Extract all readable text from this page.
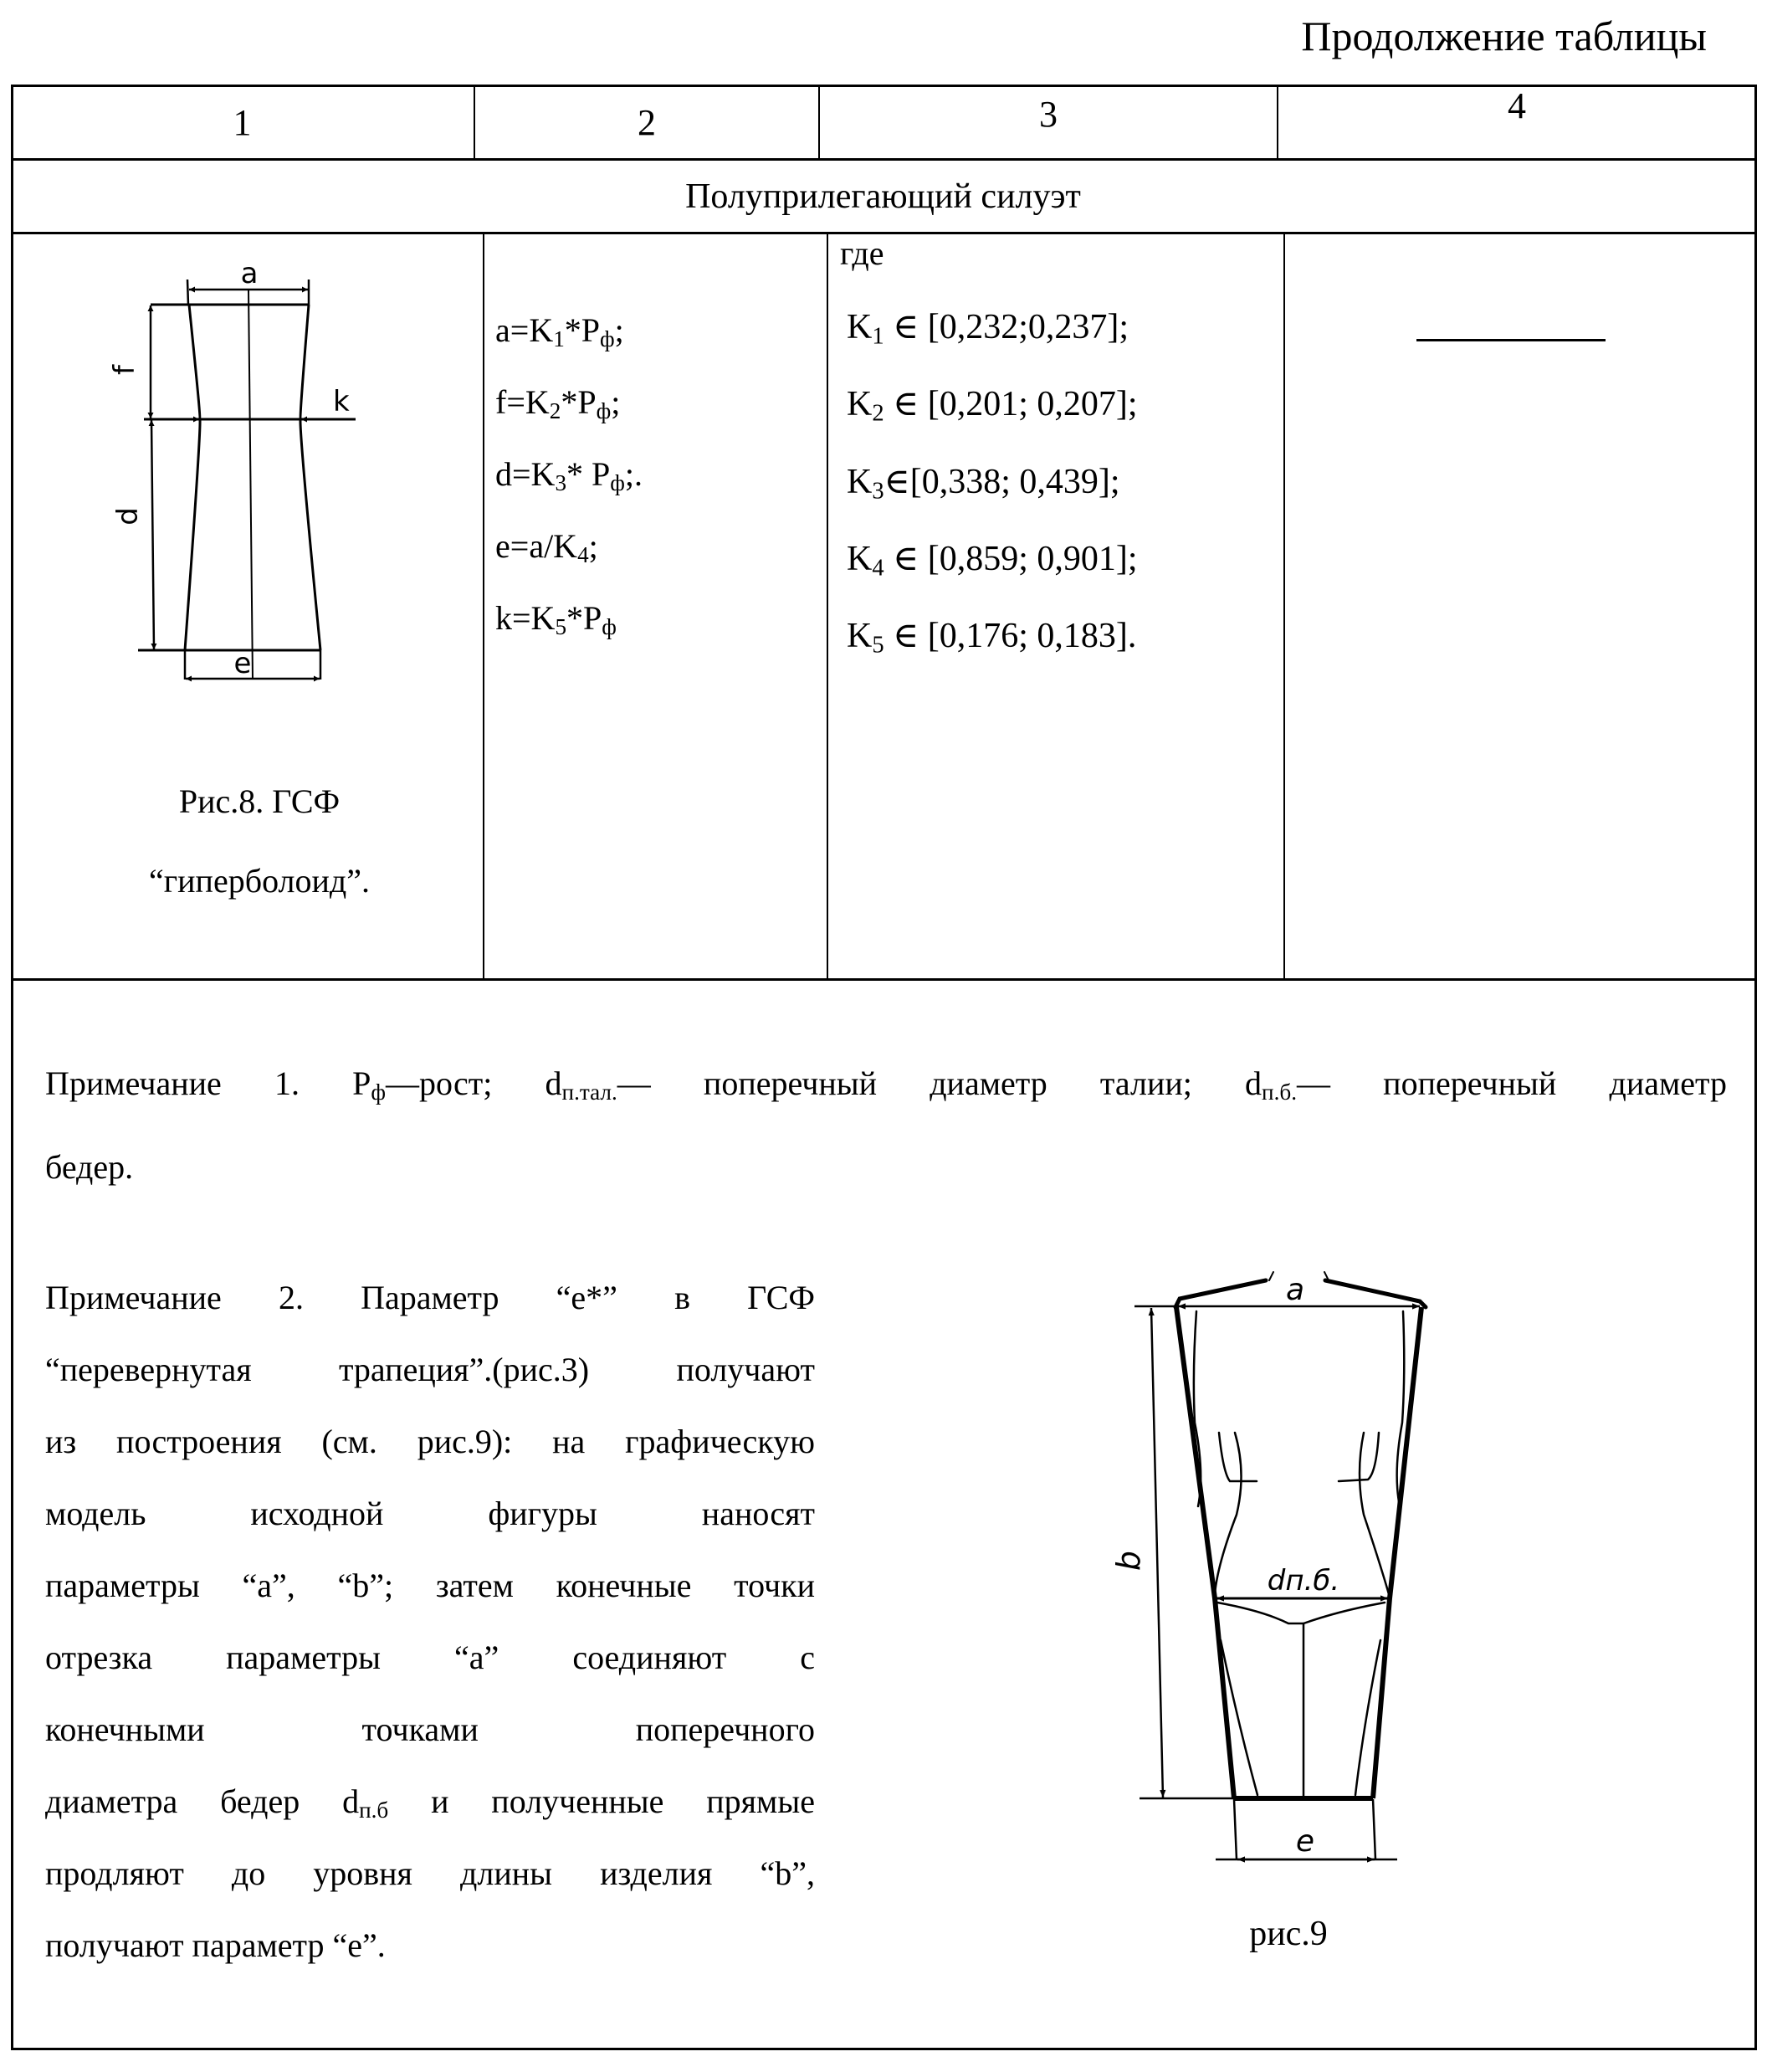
Продолжение таблицы
1	2	3	4
Полуприлегающий силуэт
a
f
d
k
e
Рис.8. ГСФ
“гиперболоид”.
a=K1*Pф;
f=K2*Pф;
d=K3* Pф;.
e=a/K4;
k=K5*Pф
где
K1 ∈ [0,232;0,237];
K2 ∈ [0,201; 0,207];
K3∈[0,338; 0,439];
K4 ∈ [0,859; 0,901];
K5 ∈ [0,176; 0,183].
Примечание 1. Pф—рост; dп.тал.— поперечный диаметр талии; dп.б.— поперечный диаметр
бедер.
Примечание 2. Параметр “e*” в ГСФ
“перевернутая трапеция”.(рис.3) получают
из построения (см. рис.9): на графическую
модель исходной фигуры наносят
параметры “a”, “b”; затем конечные точки
отрезка параметры “a” соединяют с
конечными точками поперечного
диаметра бедер dп.б и полученные прямые
продляют до уровня длины изделия “b”,
получают параметр “e”.
a
b
dп.б.
e
рис.9
